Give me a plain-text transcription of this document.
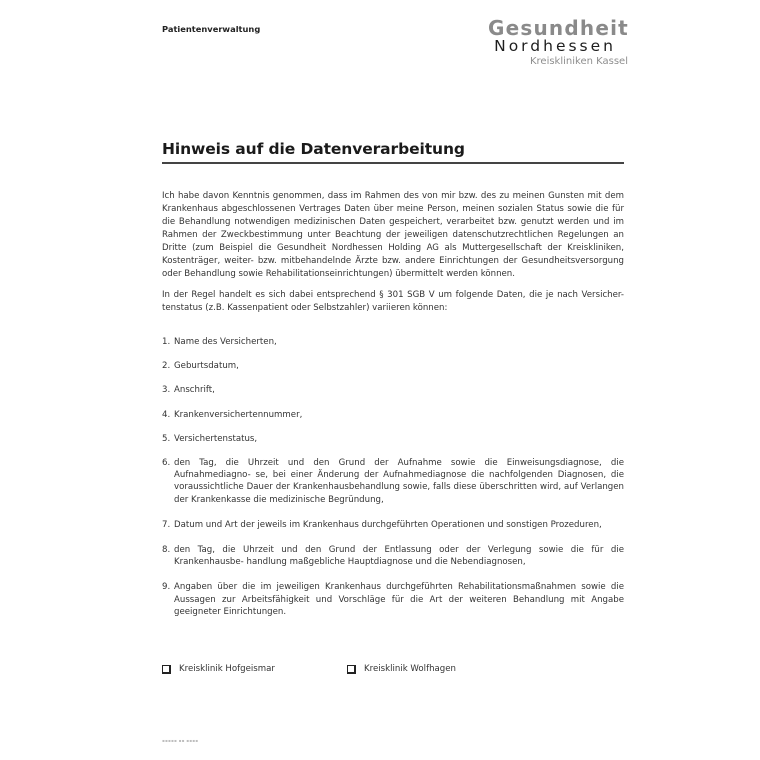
Patientenverwaltung	Gesundheit
Nordhessen
Kreiskliniken Kassel
Hinweis auf die Datenverarbeitung
Ich habe davon Kenntnis genommen, dass im Rahmen des von mir bzw. des zu meinen Gunsten mit dem Krankenhaus abgeschlossenen Vertrages Daten über meine Person, meinen sozialen Status sowie die für die Behandlung notwendigen medizinischen Daten gespeichert, verarbeitet bzw. genutzt werden und im Rahmen der Zweckbestimmung unter Beachtung der jeweiligen datenschutzrechtlichen Regelungen an Dritte (zum Beispiel die Gesundheit Nordhessen Holding AG als Muttergesellschaft der Kreiskliniken, Kostenträger, weiter- bzw. mitbehandelnde Ärzte bzw. andere Einrichtungen der Gesundheitsversorgung oder Behandlung sowie Rehabilitationseinrichtungen) übermittelt werden können.
In der Regel handelt es sich dabei entsprechend § 301 SGB V um folgende Daten, die je nach Versicher- tenstatus (z.B. Kassenpatient oder Selbstzahler) variieren können:
1. Name des Versicherten,
2. Geburtsdatum,
3. Anschrift,
4. Krankenversichertennummer,
5. Versichertenstatus,
6. den Tag, die Uhrzeit und den Grund der Aufnahme sowie die Einweisungsdiagnose, die Aufnahmediagno- se, bei einer Änderung der Aufnahmediagnose die nachfolgenden Diagnosen, die voraussichtliche Dauer der Krankenhausbehandlung sowie, falls diese überschritten wird, auf Verlangen der Krankenkasse die medizinische Begründung,
7. Datum und Art der jeweils im Krankenhaus durchgeführten Operationen und sonstigen Prozeduren,
8. den Tag, die Uhrzeit und den Grund der Entlassung oder der Verlegung sowie die für die Krankenhausbe- handlung maßgebliche Hauptdiagnose und die Nebendiagnosen,
9. Angaben über die im jeweiligen Krankenhaus durchgeführten Rehabilitationsmaßnahmen sowie die Aussagen zur Arbeitsfähigkeit und Vorschläge für die Art der weiteren Behandlung mit Angabe geeigneter Einrichtungen.
Kreisklinik Hofgeismar	Kreisklinik Wolfhagen
▪▪▪▪▪ ▪▪ ▪▪▪▪
